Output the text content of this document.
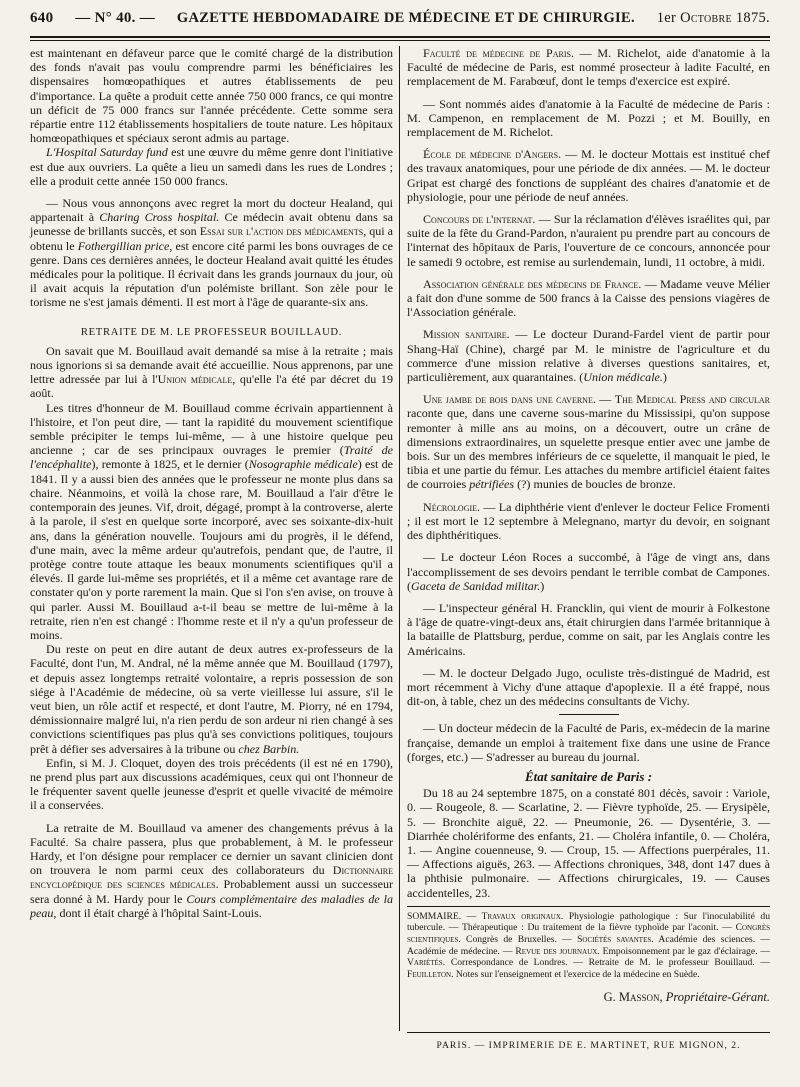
640 — N° 40. — GAZETTE HEBDOMADAIRE DE MÉDECINE ET DE CHIRURGIE. 1er Octobre 1875.

est maintenant en défaveur parce que le comité chargé de la distribution des fonds n'avait pas voulu comprendre parmi les bénéficiaires les dispensaires homœopathiques et autres établissements de peu d'importance. La quête a produit cette année 750 000 francs, ce qui montre un déficit de 75 000 francs sur l'année précédente. Cette somme sera répartie entre 112 établissements hospitaliers de toute nature. Les hôpitaux homœopathiques et spéciaux seront admis au partage.

L'Hospital Saturday fund est une œuvre du même genre dont l'initiative est due aux ouvriers. La quête a lieu un samedi dans les rues de Londres ; elle a produit cette année 150 000 francs.

— Nous vous annonçons avec regret la mort du docteur Healand, qui appartenait à Charing Cross hospital. Ce médecin avait obtenu dans sa jeunesse de brillants succès, et son Essai sur l'action des médicaments, qui a obtenu le Fothergillian price, est encore cité parmi les bons ouvrages de ce genre. Dans ces dernières années, le docteur Healand avait quitté les études médicales pour la politique. Il écrivait dans les grands journaux du jour, où il avait acquis la réputation d'un polémiste brillant. Son zèle pour le torisme ne s'est jamais démenti. Il est mort à l'âge de quarante-six ans.

RETRAITE DE M. LE PROFESSEUR BOUILLAUD.

On savait que M. Bouillaud avait demandé sa mise à la retraite ; mais nous ignorions si sa demande avait été accueillie. Nous apprenons, par une lettre adressée par lui à l'Union médicale, qu'elle l'a été par décret du 19 août.

Les titres d'honneur de M. Bouillaud comme écrivain appartiennent à l'histoire, et l'on peut dire, — tant la rapidité du mouvement scientifique semble précipiter le temps lui-même, — à une histoire quelque peu ancienne ; car de ses principaux ouvrages le premier (Traité de l'encéphalite), remonte à 1825, et le dernier (Nosographie médicale) est de 1841. Il y a aussi bien des années que le professeur ne monte plus dans sa chaire. Néanmoins, et voilà la chose rare, M. Bouillaud a l'air d'être le contemporain des jeunes. Vif, droit, dégagé, prompt à la controverse, alerte à la parole, il s'est en quelque sorte incorporé, avec ses soixante-dix-huit ans, dans la génération nouvelle. Toujours ami du progrès, il le défend, d'une main, avec la même ardeur qu'autrefois, pendant que, de l'autre, il protège contre toute attaque les beaux monuments scientifiques qu'il a élevés. Il garde lui-même ses propriétés, et il a même cet avantage rare de constater qu'on y porte rarement la main. Que si l'on s'en avise, on trouve à qui parler. Aussi M. Bouillaud a-t-il beau se mettre de lui-même à la retraite, rien n'en est changé : l'homme reste et il n'y a qu'un professeur de moins.

Du reste on peut en dire autant de deux autres ex-professeurs de la Faculté, dont l'un, M. Andral, né la même année que M. Bouillaud (1797), et depuis assez longtemps retraité volontaire, a repris possession de son siége à l'Académie de médecine, où sa verte vieillesse lui assure, s'il le veut bien, un rôle actif et respecté, et dont l'autre, M. Piorry, né en 1794, démissionnaire malgré lui, n'a rien perdu de son ardeur ni rien changé à ses convictions scientifiques pas plus qu'à ses convictions politiques, toujours prêt à défier ses adversaires à la tribune ou chez Barbin.

Enfin, si M. J. Cloquet, doyen des trois précédents (il est né en 1790), ne prend plus part aux discussions académiques, ceux qui ont l'honneur de le fréquenter savent quelle jeunesse d'esprit et quelle vivacité de mémoire il a conservées.

La retraite de M. Bouillaud va amener des changements prévus à la Faculté. Sa chaire passera, plus que probablement, à M. le professeur Hardy, et l'on désigne pour remplacer ce dernier un savant clinicien dont on trouvera le nom parmi ceux des collaborateurs du Dictionnaire encyclopédique des sciences médicales. Probablement aussi un successeur sera donné à M. Hardy pour le Cours complémentaire des maladies de la peau, dont il était chargé à l'hôpital Saint-Louis.

Faculté de médecine de Paris. — M. Richelot, aide d'anatomie à la Faculté de médecine de Paris, est nommé prosecteur à ladite Faculté, en remplacement de M. Farabœuf, dont le temps d'exercice est expiré.

— Sont nommés aides d'anatomie à la Faculté de médecine de Paris : M. Campenon, en remplacement de M. Pozzi ; et M. Bouilly, en remplacement de M. Richelot.

École de médecine d'Angers. — M. le docteur Mottais est institué chef des travaux anatomiques, pour une période de dix années. — M. le docteur Gripat est chargé des fonctions de suppléant des chaires d'anatomie et de physiologie, pour une période de neuf années.

Concours de l'internat. — Sur la réclamation d'élèves israélites qui, par suite de la fête du Grand-Pardon, n'auraient pu prendre part au concours de l'internat des hôpitaux de Paris, l'ouverture de ce concours, annoncée pour le samedi 9 octobre, est remise au surlendemain, lundi, 11 octobre, à midi.

Association générale des médecins de France. — Madame veuve Mélier a fait don d'une somme de 500 francs à la Caisse des pensions viagères de l'Association générale.

Mission sanitaire. — Le docteur Durand-Fardel vient de partir pour Shang-Haï (Chine), chargé par M. le ministre de l'agriculture et du commerce d'une mission relative à diverses questions sanitaires, et, particulièrement, aux quarantaines. (Union médicale.)

Une jambe de bois dans une caverne. — The Medical Press and circular raconte que, dans une caverne sous-marine du Mississipi, qu'on suppose remonter à mille ans au moins, on a découvert, outre un crâne de dimensions extraordinaires, un squelette presque entier avec une jambe de bois. Sur un des membres inférieurs de ce squelette, il manquait le pied, le tibia et une partie du fémur. Les attaches du membre artificiel étaient faites de courroies pétrifiées (?) munies de boucles de bronze.

Nécrologie. — La diphthérie vient d'enlever le docteur Felice Fromenti ; il est mort le 12 septembre à Melegnano, martyr du devoir, en soignant des diphthéritiques.

— Le docteur Léon Roces a succombé, à l'âge de vingt ans, dans l'accomplissement de ses devoirs pendant le terrible combat de Campones. (Gaceta de Sanidad militar.)

— L'inspecteur général H. Francklin, qui vient de mourir à Folkestone à l'âge de quatre-vingt-deux ans, était chirurgien dans l'armée britannique à la bataille de Plattsburg, perdue, comme on sait, par les Anglais contre les Américains.

— M. le docteur Delgado Jugo, oculiste très-distingué de Madrid, est mort récemment à Vichy d'une attaque d'apoplexie. Il a été frappé, nous dit-on, à table, chez un des médecins consultants de Vichy.

— Un docteur médecin de la Faculté de Paris, ex-médecin de la marine française, demande un emploi à traitement fixe dans une usine de France (forges, etc.) — S'adresser au bureau du journal.

État sanitaire de Paris :

Du 18 au 24 septembre 1875, on a constaté 801 décès, savoir : Variole, 0. — Rougeole, 8. — Scarlatine, 2. — Fièvre typhoïde, 25. — Erysipèle, 5. — Bronchite aiguë, 22. — Pneumonie, 26. — Dysentérie, 3. — Diarrhée cholériforme des enfants, 21. — Choléra infantile, 0. — Choléra, 1. — Angine couenneuse, 9. — Croup, 15. — Affections puerpérales, 11. — Affections aiguës, 263. — Affections chroniques, 348, dont 147 dues à la phthisie pulmonaire. — Affections chirurgicales, 19. — Causes accidentelles, 23.

SOMMAIRE. — Travaux originaux. Physiologie pathologique : Sur l'inoculabilité du tubercule. — Thérapeutique : Du traitement de la fièvre typhoïde par l'aconit. — Congrès scientifiques. Congrès de Bruxelles. — Sociétés savantes. Académie des sciences. — Académie de médecine. — Revue des journaux. Empoisonnement par le gaz d'éclairage. — Variétés. Correspondance de Londres. — Retraite de M. le professeur Bouillaud. — Feuilleton. Notes sur l'enseignement et l'exercice de la médecine en Suède.

G. Masson, Propriétaire-Gérant.

PARIS. — IMPRIMERIE DE E. MARTINET, RUE MIGNON, 2.
